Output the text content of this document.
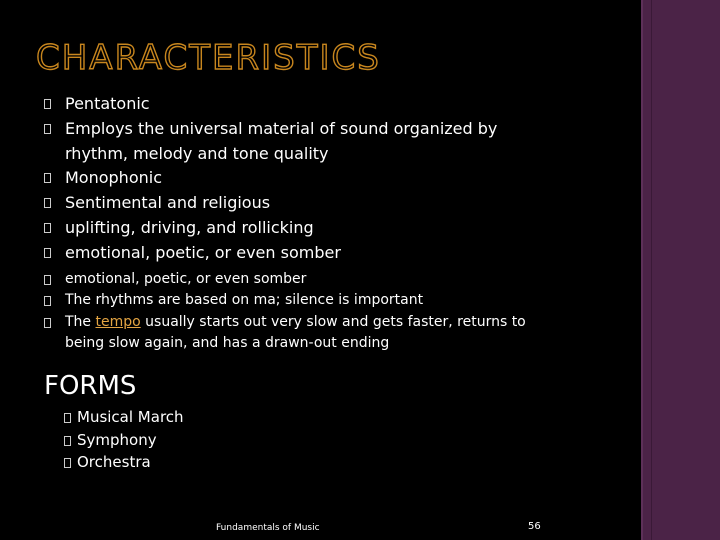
CHARACTERISTICS
Pentatonic
Employs the universal material of sound organized by
rhythm, melody and tone quality
Monophonic
Sentimental and religious
uplifting, driving, and rollicking
emotional, poetic, or even somber
emotional, poetic, or even somber
The rhythms are based on ma; silence is important
The tempo usually starts out very slow and gets faster, returns to
being slow again, and has a drawn-out ending
FORMS
Musical March
Symphony
Orchestra
Fundamentals of Music	56
